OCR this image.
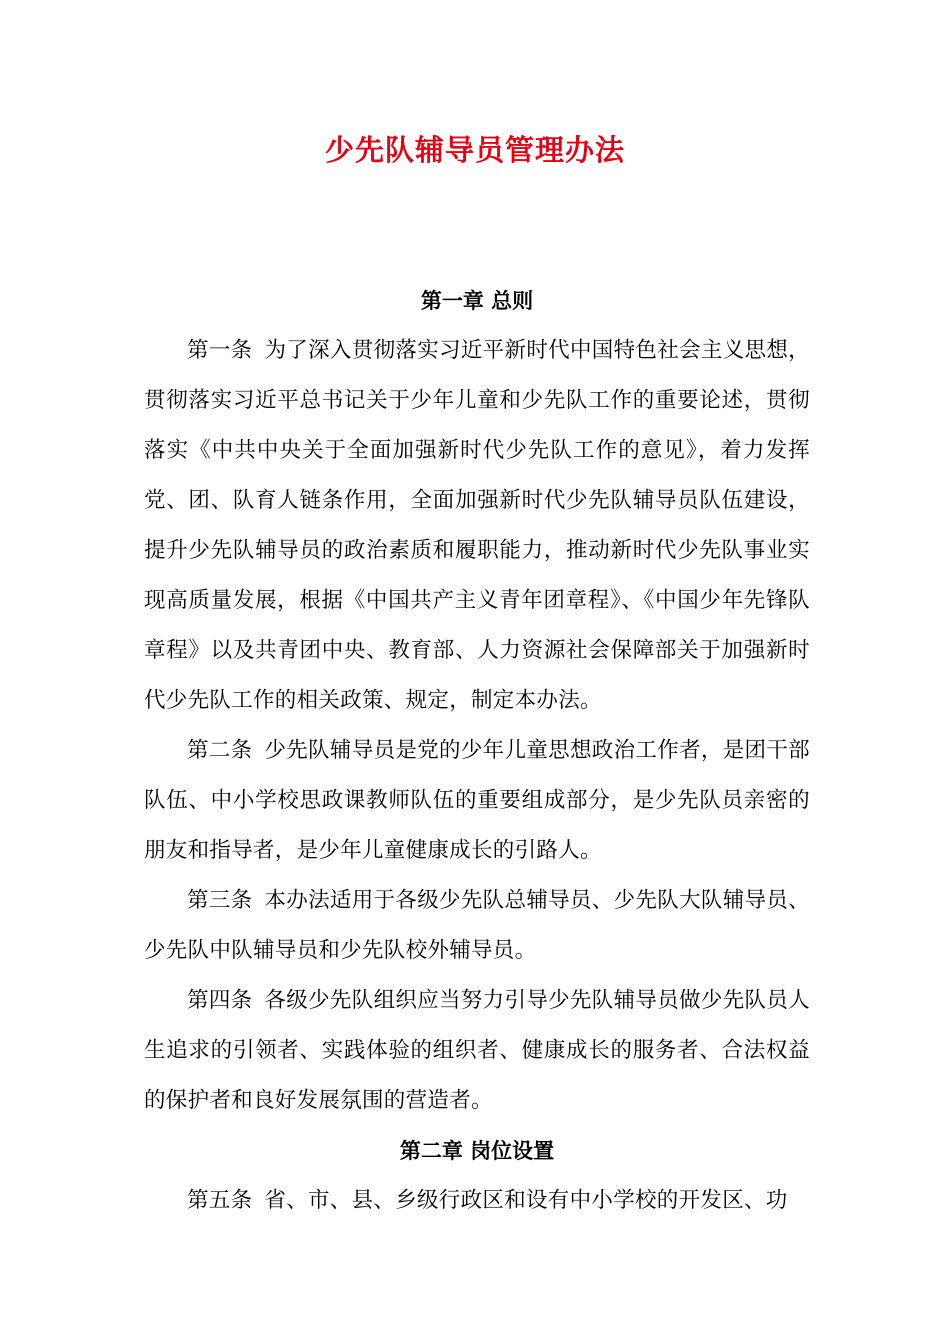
少先队辅导员管理办法

第一章 总则

第一条 为了深入贯彻落实习近平新时代中国特色社会主义思想，贯彻落实习近平总书记关于少年儿童和少先队工作的重要论述，贯彻落实《中共中央关于全面加强新时代少先队工作的意见》，着力发挥党、团、队育人链条作用，全面加强新时代少先队辅导员队伍建设，提升少先队辅导员的政治素质和履职能力，推动新时代少先队事业实现高质量发展，根据《中国共产主义青年团章程》、《中国少年先锋队章程》以及共青团中央、教育部、人力资源社会保障部关于加强新时代少先队工作的相关政策、规定，制定本办法。

第二条 少先队辅导员是党的少年儿童思想政治工作者，是团干部队伍、中小学校思政课教师队伍的重要组成部分，是少先队员亲密的朋友和指导者，是少年儿童健康成长的引路人。

第三条 本办法适用于各级少先队总辅导员、少先队大队辅导员、少先队中队辅导员和少先队校外辅导员。

第四条 各级少先队组织应当努力引导少先队辅导员做少先队员人生追求的引领者、实践体验的组织者、健康成长的服务者、合法权益的保护者和良好发展氛围的营造者。

第二章 岗位设置

第五条 省、市、县、乡级行政区和设有中小学校的开发区、功
